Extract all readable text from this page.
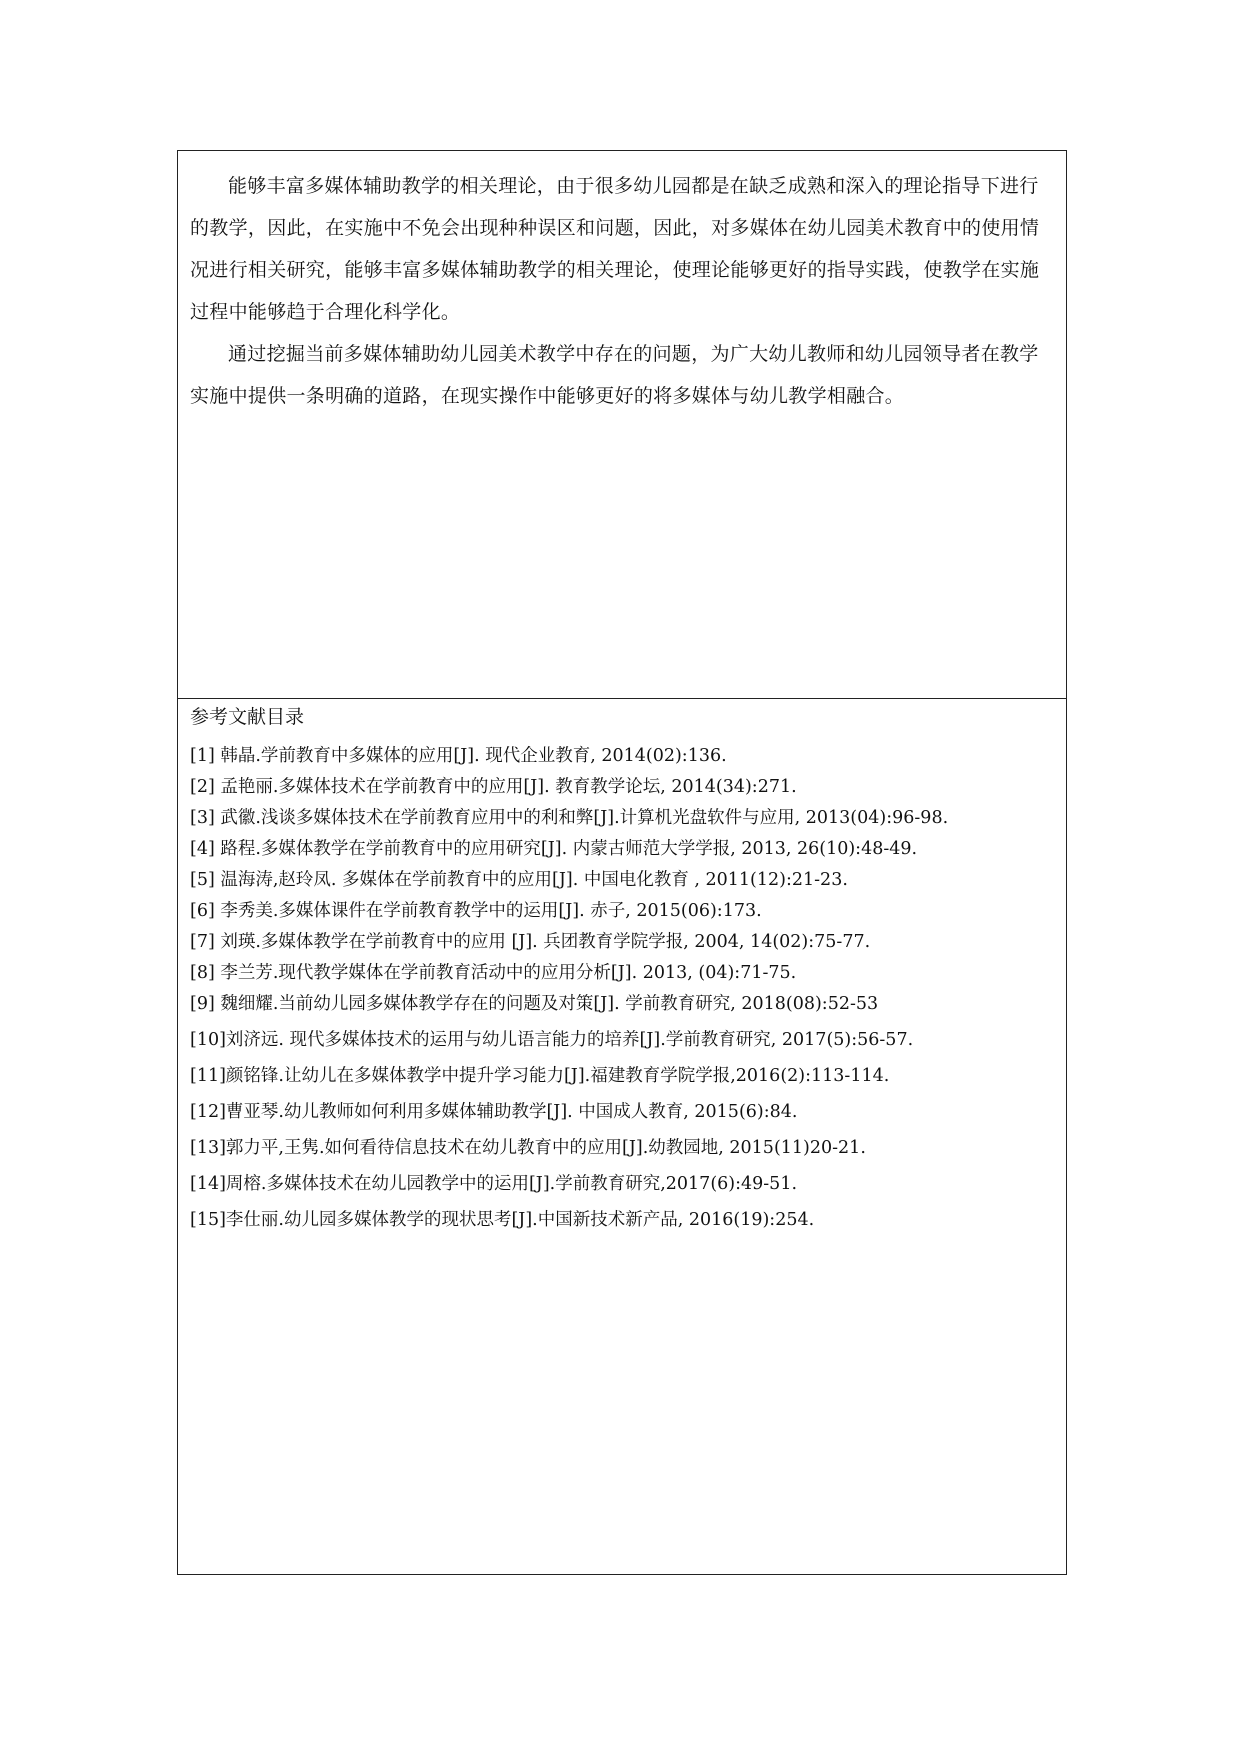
能够丰富多媒体辅助教学的相关理论，由于很多幼儿园都是在缺乏成熟和深入的理论指导下进行的教学，因此，在实施中不免会出现种种误区和问题，因此，对多媒体在幼儿园美术教育中的使用情况进行相关研究，能够丰富多媒体辅助教学的相关理论，使理论能够更好的指导实践，使教学在实施过程中能够趋于合理化科学化。

通过挖掘当前多媒体辅助幼儿园美术教学中存在的问题，为广大幼儿教师和幼儿园领导者在教学实施中提供一条明确的道路，在现实操作中能够更好的将多媒体与幼儿教学相融合。

参考文献目录

[1] 韩晶.学前教育中多媒体的应用[J]. 现代企业教育, 2014(02):136.
[2] 孟艳丽.多媒体技术在学前教育中的应用[J]. 教育教学论坛, 2014(34):271.
[3] 武徽.浅谈多媒体技术在学前教育应用中的利和弊[J].计算机光盘软件与应用, 2013(04):96-98.
[4] 路程.多媒体教学在学前教育中的应用研究[J]. 内蒙古师范大学学报, 2013, 26(10):48-49.
[5] 温海涛,赵玲凤. 多媒体在学前教育中的应用[J]. 中国电化教育 , 2011(12):21-23.
[6] 李秀美.多媒体课件在学前教育教学中的运用[J]. 赤子, 2015(06):173.
[7] 刘瑛.多媒体教学在学前教育中的应用 [J]. 兵团教育学院学报, 2004, 14(02):75-77.
[8] 李兰芳.现代教学媒体在学前教育活动中的应用分析[J]. 2013, (04):71-75.
[9] 魏细耀.当前幼儿园多媒体教学存在的问题及对策[J]. 学前教育研究, 2018(08):52-53
[10]刘济远. 现代多媒体技术的运用与幼儿语言能力的培养[J].学前教育研究, 2017(5):56-57.
[11]颜铭锋.让幼儿在多媒体教学中提升学习能力[J].福建教育学院学报,2016(2):113-114.
[12]曹亚琴.幼儿教师如何利用多媒体辅助教学[J]. 中国成人教育, 2015(6):84.
[13]郭力平,王隽.如何看待信息技术在幼儿教育中的应用[J].幼教园地, 2015(11)20-21.
[14]周榕.多媒体技术在幼儿园教学中的运用[J].学前教育研究,2017(6):49-51.
[15]李仕丽.幼儿园多媒体教学的现状思考[J].中国新技术新产品, 2016(19):254.
